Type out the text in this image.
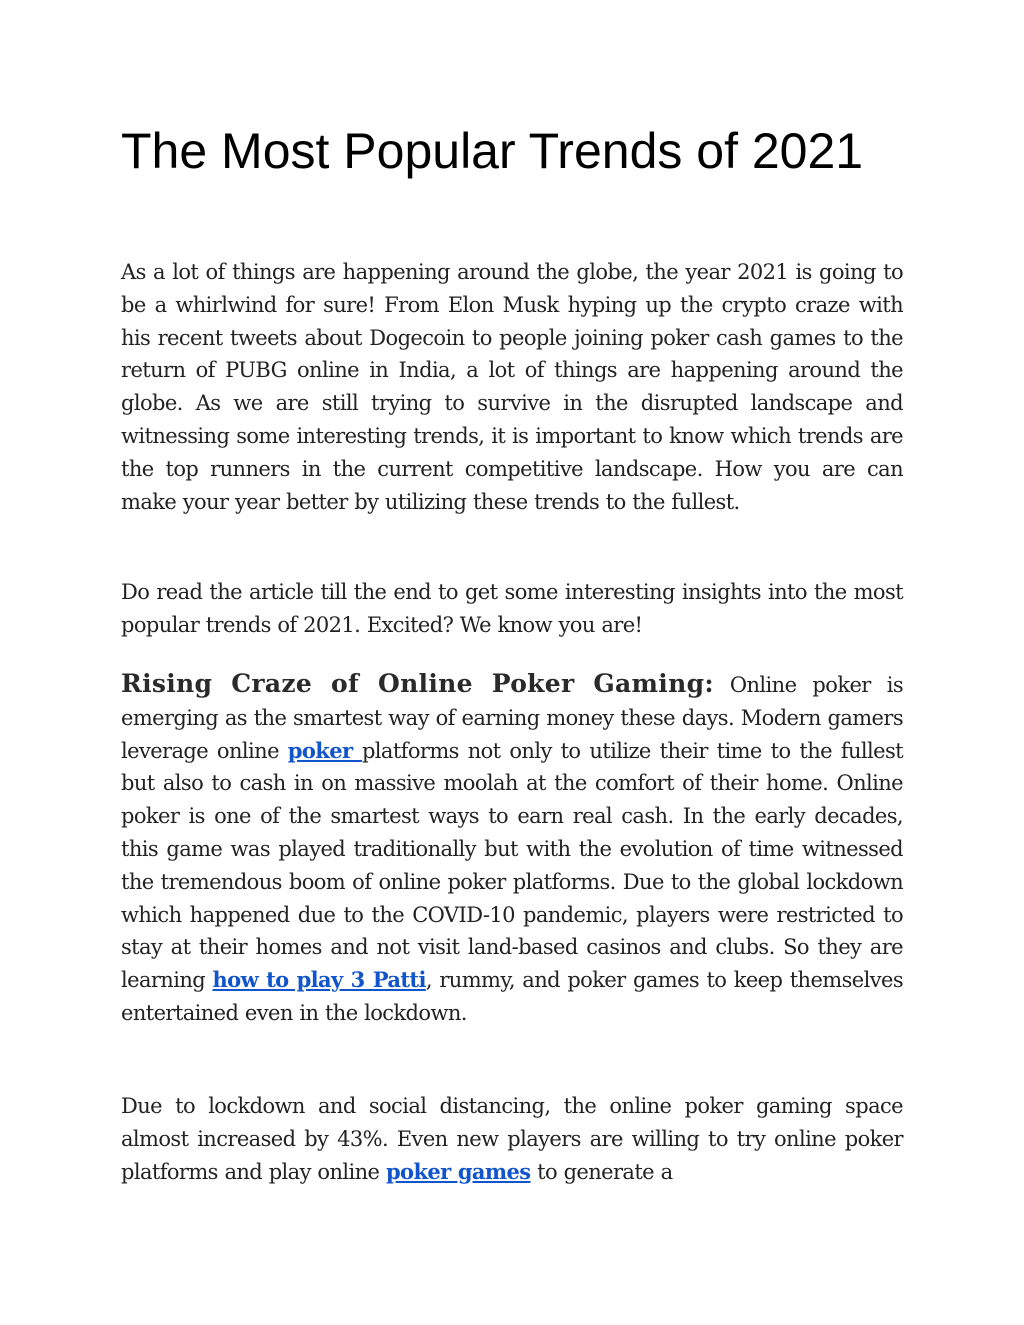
The Most Popular Trends of 2021

As a lot of things are happening around the globe, the year 2021 is going to be a whirlwind for sure! From Elon Musk hyping up the crypto craze with his recent tweets about Dogecoin to people joining poker cash games to the return of PUBG online in India, a lot of things are happening around the globe. As we are still trying to survive in the disrupted landscape and witnessing some interesting trends, it is important to know which trends are the top runners in the current competitive landscape. How you are can make your year better by utilizing these trends to the fullest.

Do read the article till the end to get some interesting insights into the most popular trends of 2021. Excited? We know you are!

Rising Craze of Online Poker Gaming: Online poker is emerging as the smartest way of earning money these days. Modern gamers leverage online poker platforms not only to utilize their time to the fullest but also to cash in on massive moolah at the comfort of their home. Online poker is one of the smartest ways to earn real cash. In the early decades, this game was played traditionally but with the evolution of time witnessed the tremendous boom of online poker platforms. Due to the global lockdown which happened due to the COVID-10 pandemic, players were restricted to stay at their homes and not visit land-based casinos and clubs. So they are learning how to play 3 Patti, rummy, and poker games to keep themselves entertained even in the lockdown.

Due to lockdown and social distancing, the online poker gaming space almost increased by 43%. Even new players are willing to try online poker platforms and play online poker games to generate a
